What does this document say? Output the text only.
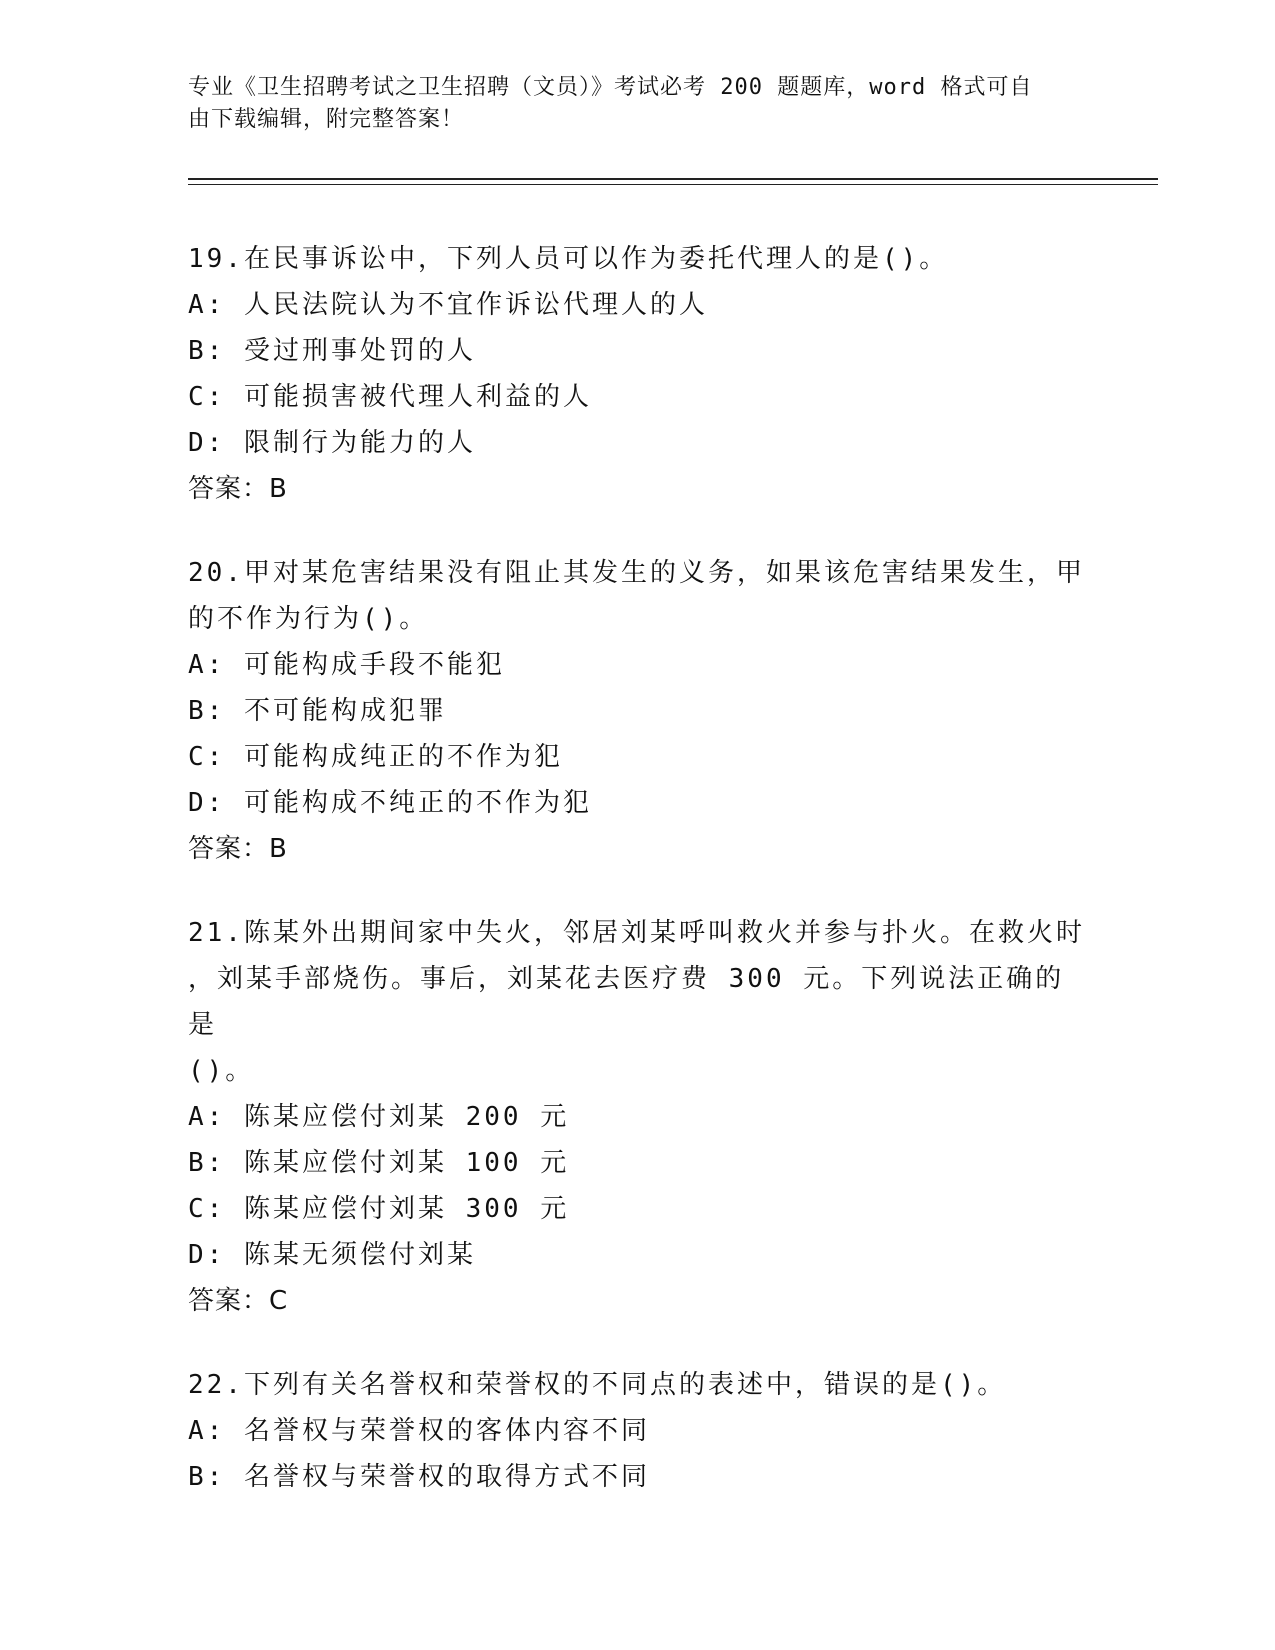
专业《卫生招聘考试之卫生招聘（文员）》考试必考 200 题题库，word 格式可自
由下载编辑，附完整答案！
19.在民事诉讼中，下列人员可以作为委托代理人的是()。
A: 人民法院认为不宜作诉讼代理人的人
B: 受过刑事处罚的人
C: 可能损害被代理人利益的人
D: 限制行为能力的人
答案：B
20.甲对某危害结果没有阻止其发生的义务，如果该危害结果发生，甲
的不作为行为()。
A: 可能构成手段不能犯
B: 不可能构成犯罪
C: 可能构成纯正的不作为犯
D: 可能构成不纯正的不作为犯
答案：B
21.陈某外出期间家中失火，邻居刘某呼叫救火并参与扑火。在救火时
，刘某手部烧伤。事后，刘某花去医疗费 300 元。下列说法正确的是
()。
A: 陈某应偿付刘某 200 元
B: 陈某应偿付刘某 100 元
C: 陈某应偿付刘某 300 元
D: 陈某无须偿付刘某
答案：C
22.下列有关名誉权和荣誉权的不同点的表述中，错误的是()。
A: 名誉权与荣誉权的客体内容不同
B: 名誉权与荣誉权的取得方式不同
